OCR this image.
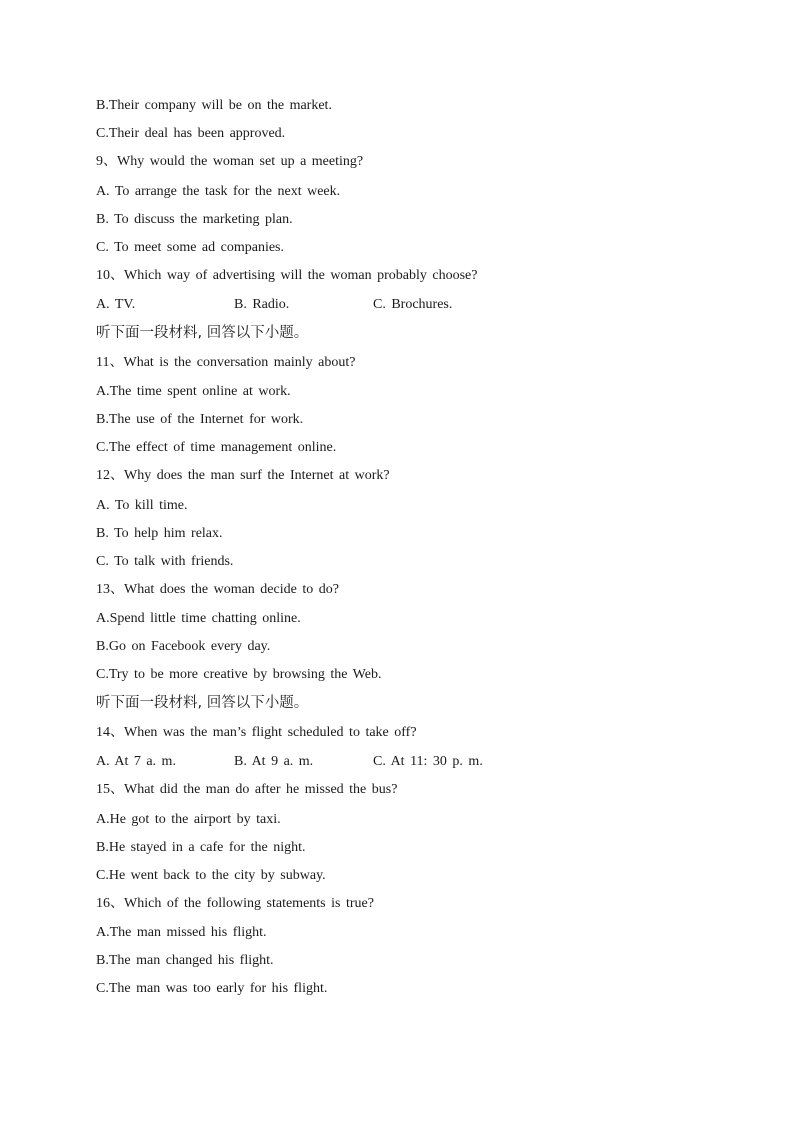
B.Their company will be on the market.
C.Their deal has been approved.
9、Why would the woman set up a meeting?
A. To arrange the task for the next week.
B. To discuss the marketing plan.
C. To meet some ad companies.
10、Which way of advertising will the woman probably choose?
A. TV.	B. Radio.	C. Brochures.
听下面一段材料, 回答以下小题。
11、What is the conversation mainly about?
A.The time spent online at work.
B.The use of the Internet for work.
C.The effect of time management online.
12、Why does the man surf the Internet at work?
A. To kill time.
B. To help him relax.
C. To talk with friends.
13、What does the woman decide to do?
A.Spend little time chatting online.
B.Go on Facebook every day.
C.Try to be more creative by browsing the Web.
听下面一段材料, 回答以下小题。
14、When was the man’s flight scheduled to take off?
A. At 7 a. m.	B. At 9 a. m.	C. At 11: 30 p. m.
15、What did the man do after he missed the bus?
A.He got to the airport by taxi.
B.He stayed in a cafe for the night.
C.He went back to the city by subway.
16、Which of the following statements is true?
A.The man missed his flight.
B.The man changed his flight.
C.The man was too early for his flight.
